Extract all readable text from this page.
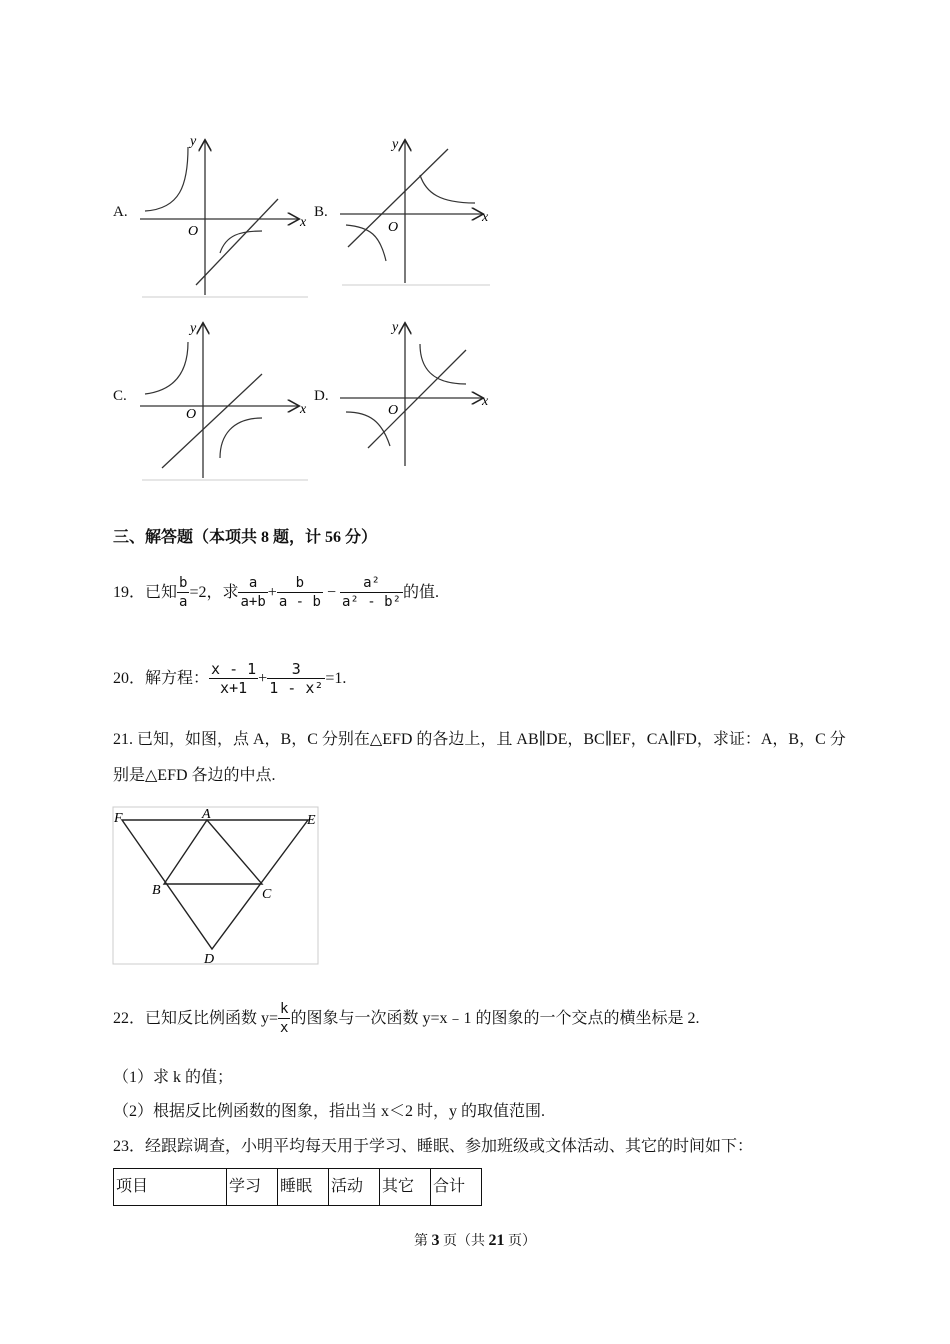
A.
y
x
O
B.
y
x
O
C.
y
x
O
D.
y
x
O
三、解答题（本项共 8 题，计 56 分）
19．已知 $\frac{b}{a} =2$，求 $\frac{a}{a+b} + \frac{b}{a - b} - \frac{\text{a²}}{\text{a² - b²}}$ 的值.
20．解方程： $\frac{x - 1}{x+1} + \frac{3}{\text{1 - x²}} =1$.
21. 已知，如图，点 A，B，C 分别在△EFD 的各边上，且 AB∥DE，BC∥EF，CA∥FD，求证：A，B，C 分
别是△EFD 各边的中点.
F	A	E
B	C
D
22．已知反比例函数 $y= \frac{k}{x}$ 的图象与一次函数 y=x﹣1 的图象的一个交点的横坐标是 2.
（1）求 k 的值；
（2）根据反比例函数的图象，指出当 x＜2 时，y 的取值范围.
23．经跟踪调查，小明平均每天用于学习、睡眠、参加班级或文体活动、其它的时间如下：
项目	学习	睡眠	活动	其它	合计
第 3 页（共 21 页）
